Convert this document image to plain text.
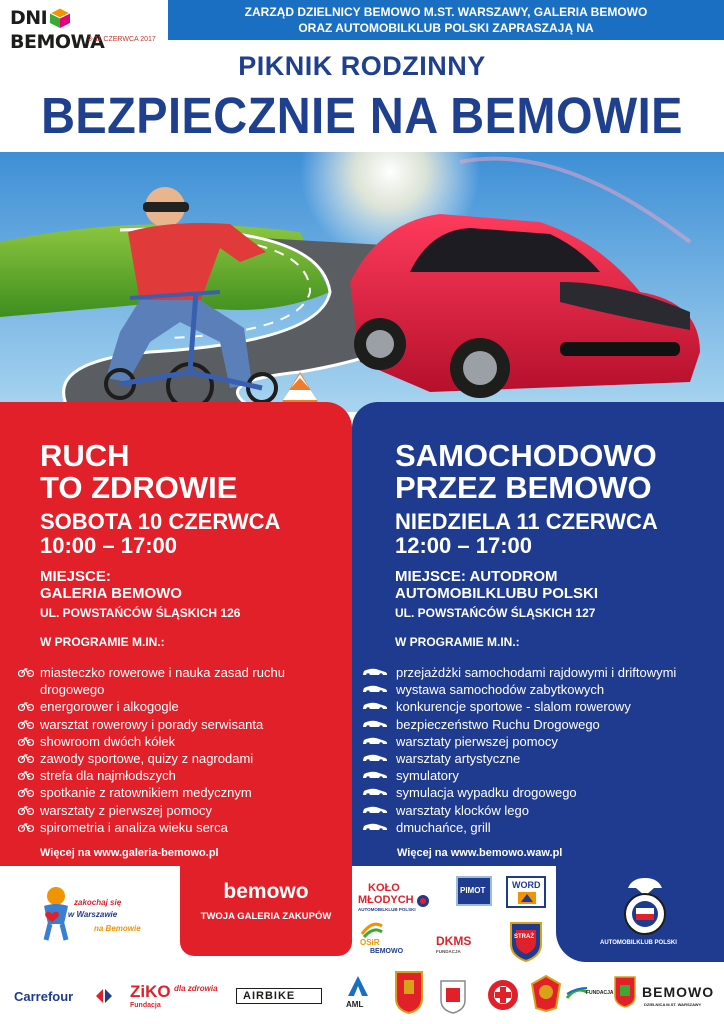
DNIBEMOWA
3-11 CZERWCA 2017
ZARZĄD DZIELNICY BEMOWO M.ST. WARSZAWY, GALERIA BEMOWO
ORAZ AUTOMOBILKLUB POLSKI ZAPRASZAJĄ NA
PIKNIK RODZINNY
BEZPIECZNIE NA BEMOWIE
RUCH
TO ZDROWIE
SOBOTA 10 CZERWCA
10:00 – 17:00
MIEJSCE:
GALERIA BEMOWO
UL. POWSTAŃCÓW ŚLĄSKICH 126
W PROGRAMIE M.IN.:
miasteczko rowerowe i nauka zasad ruchu drogowego
energorower i alkogogle
warsztat rowerowy i porady serwisanta
showroom dwóch kółek
zawody sportowe, quizy z nagrodami
strefa dla najmłodszych
spotkanie z ratownikiem medycznym
warsztaty z pierwszej pomocy
spirometria i analiza wieku serca
Więcej na www.galeria-bemowo.pl
SAMOCHODOWO
PRZEZ BEMOWO
NIEDZIELA 11 CZERWCA
12:00 – 17:00
MIEJSCE: AUTODROM
AUTOMOBILKLUBU POLSKI
UL. POWSTAŃCÓW ŚLĄSKICH 127
W PROGRAMIE M.IN.:
przejażdżki samochodami rajdowymi i driftowymi
wystawa samochodów zabytkowych
konkurencje sportowe - slalom rowerowy
bezpieczeństwo Ruchu Drogowego
warsztaty pierwszej pomocy
warsztaty artystyczne
symulatory
symulacja wypadku drogowego
warsztaty klocków lego
dmuchańce, grill
Więcej na www.bemowo.waw.pl
zakochaj się
w Warszawie
na Bemowie
bemowo
TWOJA GALERIA ZAKUPÓW
KOŁO
MŁODYCH
AUTOMOBILKLUB POLSKI
PIMOT
WORD
OSiR
BEMOWO
DKMS
FUNDACJA
STRAŻ
AUTOMOBILKLUB POLSKI
Carrefour	ZiKO dla zdrowia
Fundacja
AIRBIKE
AML
FUNDACJA BEMOWO
DZIELNICA M.ST. WARSZAWY
